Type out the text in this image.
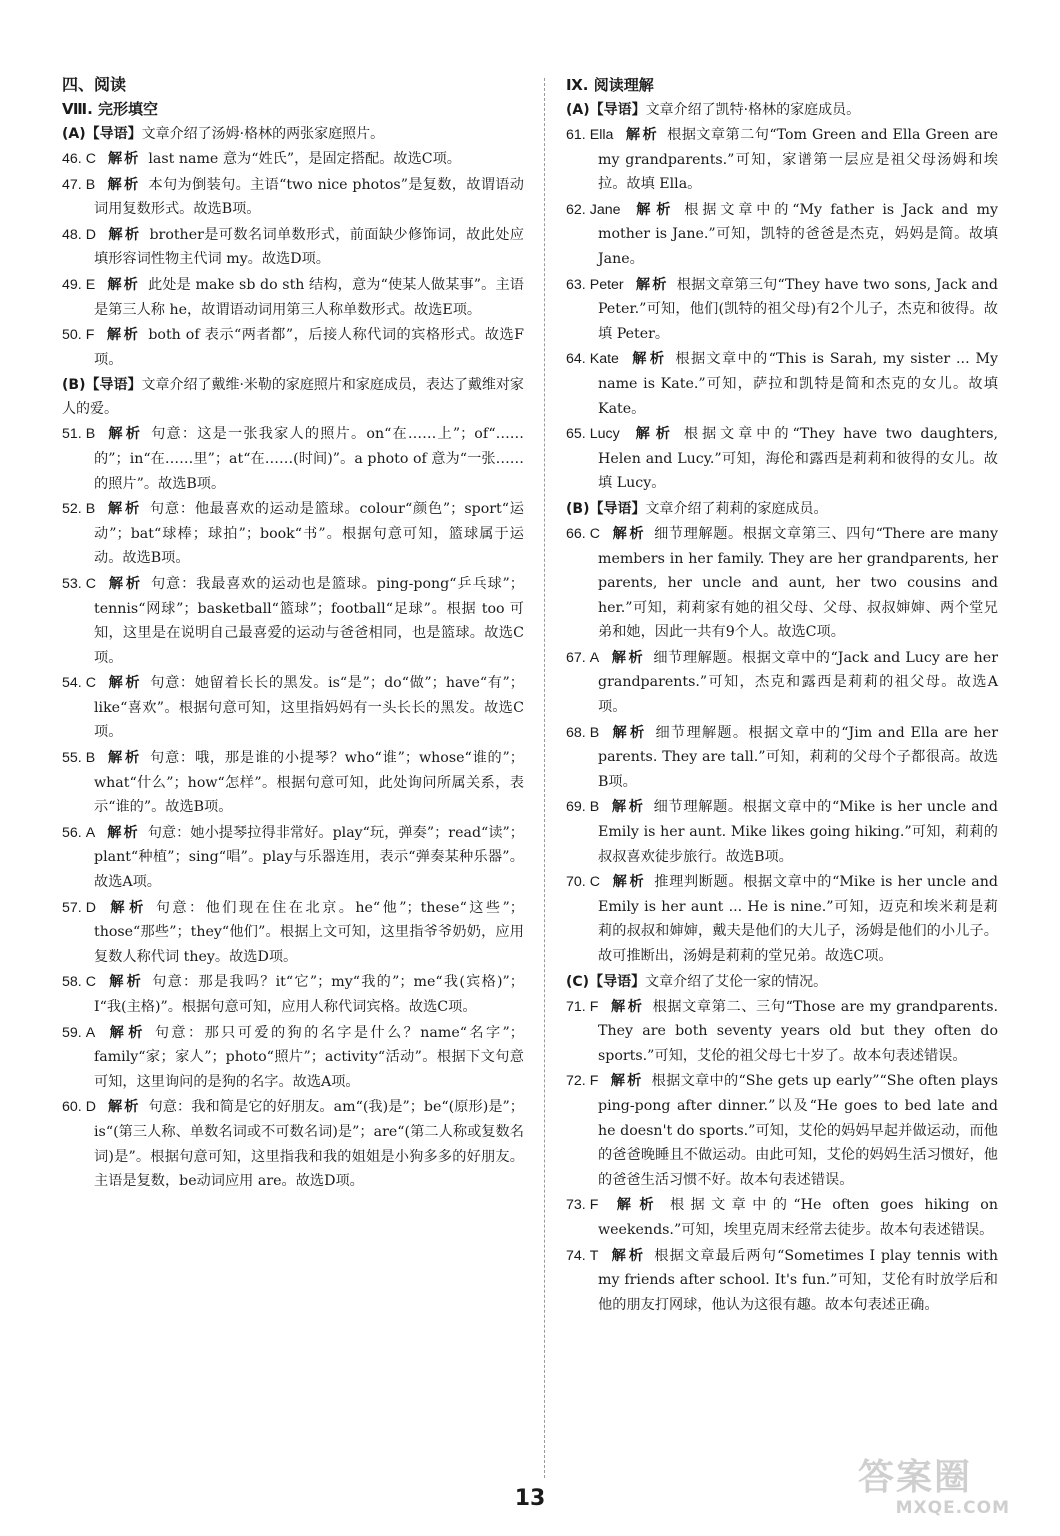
四、阅读
Ⅷ. 完形填空
(A)【导语】文章介绍了汤姆·格林的两张家庭照片。

46. C 解析 last name 意为“姓氏”，是固定搭配。故选C项。

47. B 解析 本句为倒装句。主语“two nice photos”是复数，故谓语动词用复数形式。故选B项。

48. D 解析 brother是可数名词单数形式，前面缺少修饰词，故此处应填形容词性物主代词 my。故选D项。

49. E 解析 此处是 make sb do sth 结构，意为“使某人做某事”。主语是第三人称 he，故谓语动词用第三人称单数形式。故选E项。

50. F 解析 both of 表示“两者都”，后接人称代词的宾格形式。故选F项。

(B)【导语】文章介绍了戴维·米勒的家庭照片和家庭成员，表达了戴维对家人的爱。

51. B 解析 句意：这是一张我家人的照片。on“在……上”；of“……的”；in“在……里”；at“在……(时间)”。a photo of 意为“一张……的照片”。故选B项。

52. B 解析 句意：他最喜欢的运动是篮球。colour“颜色”；sport“运动”；bat“球棒；球拍”；book“书”。根据句意可知，篮球属于运动。故选B项。

53. C 解析 句意：我最喜欢的运动也是篮球。ping-pong“乒乓球”；tennis“网球”；basketball“篮球”；football“足球”。根据 too 可知，这里是在说明自己最喜爱的运动与爸爸相同，也是篮球。故选C项。

54. C 解析 句意：她留着长长的黑发。is“是”；do“做”；have“有”；like“喜欢”。根据句意可知，这里指妈妈有一头长长的黑发。故选C项。

55. B 解析 句意：哦，那是谁的小提琴？who“谁”；whose“谁的”；what“什么”；how“怎样”。根据句意可知，此处询问所属关系，表示“谁的”。故选B项。

56. A 解析 句意：她小提琴拉得非常好。play“玩，弹奏”；read“读”；plant“种植”；sing“唱”。play与乐器连用，表示“弹奏某种乐器”。故选A项。

57. D 解析 句意：他们现在住在北京。he“他”；these“这些”；those“那些”；they“他们”。根据上文可知，这里指爷爷奶奶，应用复数人称代词 they。故选D项。

58. C 解析 句意：那是我吗？it“它”；my“我的”；me“我(宾格)”；I“我(主格)”。根据句意可知，应用人称代词宾格。故选C项。

59. A 解析 句意：那只可爱的狗的名字是什么？name“名字”；family“家；家人”；photo“照片”；activity“活动”。根据下文句意可知，这里询问的是狗的名字。故选A项。

60. D 解析 句意：我和简是它的好朋友。am“(我)是”；be“(原形)是”；is“(第三人称、单数名词或不可数名词)是”；are“(第二人称或复数名词)是”。根据句意可知，这里指我和我的姐姐是小狗多多的好朋友。主语是复数，be动词应用 are。故选D项。

Ⅸ. 阅读理解
(A)【导语】文章介绍了凯特·格林的家庭成员。

61. Ella 解析 根据文章第二句“Tom Green and Ella Green are my grandparents.”可知，家谱第一层应是祖父母汤姆和埃拉。故填 Ella。

62. Jane 解析 根据文章中的“My father is Jack and my mother is Jane.”可知，凯特的爸爸是杰克，妈妈是简。故填 Jane。

63. Peter 解析 根据文章第三句“They have two sons, Jack and Peter.”可知，他们(凯特的祖父母)有2个儿子，杰克和彼得。故填 Peter。

64. Kate 解析 根据文章中的“This is Sarah, my sister ... My name is Kate.”可知，萨拉和凯特是简和杰克的女儿。故填 Kate。

65. Lucy 解析 根据文章中的“They have two daughters, Helen and Lucy.”可知，海伦和露西是莉莉和彼得的女儿。故填 Lucy。

(B)【导语】文章介绍了莉莉的家庭成员。

66. C 解析 细节理解题。根据文章第三、四句“There are many members in her family. They are her grandparents, her parents, her uncle and aunt, her two cousins and her.”可知，莉莉家有她的祖父母、父母、叔叔婶婶、两个堂兄弟和她，因此一共有9个人。故选C项。

67. A 解析 细节理解题。根据文章中的“Jack and Lucy are her grandparents.”可知，杰克和露西是莉莉的祖父母。故选A项。

68. B 解析 细节理解题。根据文章中的“Jim and Ella are her parents. They are tall.”可知，莉莉的父母个子都很高。故选B项。

69. B 解析 细节理解题。根据文章中的“Mike is her uncle and Emily is her aunt. Mike likes going hiking.”可知，莉莉的叔叔喜欢徒步旅行。故选B项。

70. C 解析 推理判断题。根据文章中的“Mike is her uncle and Emily is her aunt ... He is nine.”可知，迈克和埃米莉是莉莉的叔叔和婶婶，戴夫是他们的大儿子，汤姆是他们的小儿子。故可推断出，汤姆是莉莉的堂兄弟。故选C项。

(C)【导语】文章介绍了艾伦一家的情况。

71. F 解析 根据文章第二、三句“Those are my grandparents. They are both seventy years old but they often do sports.”可知，艾伦的祖父母七十岁了。故本句表述错误。

72. F 解析 根据文章中的“She gets up early”“She often plays ping-pong after dinner.”以及“He goes to bed late and he doesn't do sports.”可知，艾伦的妈妈早起并做运动，而他的爸爸晚睡且不做运动。由此可知，艾伦的妈妈生活习惯好，他的爸爸生活习惯不好。故本句表述错误。

73. F 解析 根据文章中的“He often goes hiking on weekends.”可知，埃里克周末经常去徒步。故本句表述错误。

74. T 解析 根据文章最后两句“Sometimes I play tennis with my friends after school. It's fun.”可知，艾伦有时放学后和他的朋友打网球，他认为这很有趣。故本句表述正确。

13
答案圈
MXQE.COM
